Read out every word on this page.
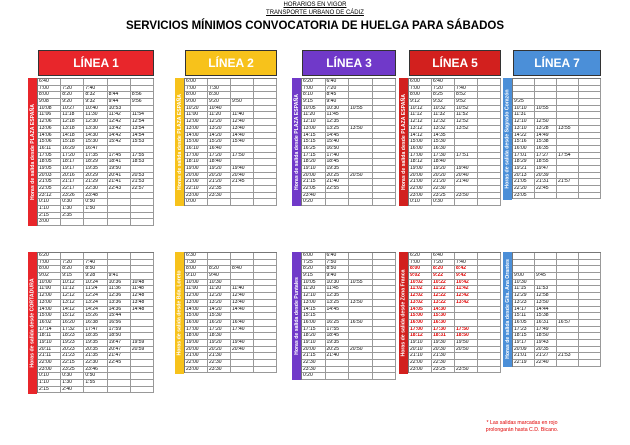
HORARIOS EN VIGOR
TRANSPORTE URBANO DE CÁDIZ
SERVICIOS MÍNIMOS CONVOCATORIA DE HUELGA PARA SÁBADOS
LÍNEA 1
Horas de salida desde PLAZA ESPAÑA
6:40
7:00	7:20	7:40
8:00	8:20	8:32	8:44	8:56
9:08	9:20	9:32	9:44	9:56
10:08	10:27	10:40	10:53
11:06	11:18	11:30	11:42	11:54
12:06	12:18	12:30	12:42	12:54
13:06	13:18	13:30	13:42	13:54
14:06	14:18	14:30	14:42	14:54
15:06	15:18	15:30	15:42	15:53
16:11	16:29	16:47
17:05	17:20	17:35	17:45	17:55
18:05	18:17	18:29	18:41	18:53
19:05	19:17	19:35	19:50
20:03	20:16	20:29	20:41	20:53
21:05	21:17	21:29	21:41	21:53
22:05	22:17	22:30	22:43	22:57
23:12	23:26	23:48
0:10	0:30	0:50
1:10	1:30	1:50
2:15	2:35
3:00
Horas de salida desde CORTADURA
6:20
7:00	7:20	7:40
8:00	8:20	8:50
9:02	9:15	9:28	9:41
10:00	10:12	10:24	10:36	10:48
11:00	11:12	11:24	11:36	11:48
12:00	12:12	12:24	12:36	12:48
13:00	13:12	13:24	13:36	13:48
14:00	14:12	14:24	14:36	14:48
15:00	15:12	15:26	15:44
16:02	16:20	16:38	16:56
17:14	17:32	17:47	17:59
18:11	18:23	18:35	18:50
19:10	19:23	19:35	19:47	19:59
20:11	20:23	20:35	20:47	20:59
21:11	21:23	21:35	21:47
22:00	22:15	22:30	22:45
23:00	23:25	23:46
0:10	0:30	0:50
1:10	1:30	1:55
2:15	2:40
LÍNEA 2
Horas de salida desde PLAZA ESPAÑA
6:00
7:00	7:30
8:00	8:30
9:00	9:20	9:50
10:20	10:40
11:00	11:20	11:40
12:00	12:20	12:40
13:00	13:20	13:40
14:00	14:20	14:40
15:00	15:20	15:40
16:10	16:40
17:00	17:20	17:50
18:10	18:40
19:00	19:20	19:40
20:00	20:20	20:40
21:00	21:20	21:45
22:10	22:35
23:00	23:30
0:00
Horas de salida desde Bda. Loreto
6:30
7:30
8:00	8:20	8:40
9:10	9:40
10:00	10:30
11:00	11:20	11:40
12:00	12:20	12:40
13:00	13:20	13:40
14:00	14:20	14:40
15:00	15:30
16:00	16:20	16:40
17:00	17:20	17:40
18:00	18:30
19:00	19:20	19:40
20:00	20:20	20:40
21:00	21:30
22:00	22:30
23:00	23:30
LÍNEA 3
Horas de salida desde PLAZA ESPAÑA
6:20	6:40
7:00	7:20
8:10	8:45
9:15	9:40
10:05	10:30	10:55
11:20	11:45
12:10	12:35
13:00	13:25	13:50
14:15	14:45
15:15	15:40
16:25	16:50
17:15	17:40
18:20	18:45
19:10	19:35
20:00	20:25	20:50
21:15	21:40
22:05	22:55
23:40
0:20
Horas de salida desde Puntales
6:00	6:40
7:25	7:50
8:20	8:50
9:15	9:40
10:05	10:30	10:55
11:20	11:45
12:10	12:35
13:00	13:25	13:50
14:15	14:45
15:15
16:00	16:25	16:50
17:15	17:55
18:20	18:45
19:10	19:35
20:00	20:25	20:50
21:15	21:40
22:30
23:30
0:20
LÍNEA 5
Horas de salida desde PLAZA ESPAÑA
6:00	6:40
7:00	7:20	7:40
8:00	8:25	8:52
9:12	9:32	9:52
10:12	10:32	10:52
11:12	11:32	11:52
12:12	12:32	12:52
13:12	13:32	13:52
14:12	14:35
15:00	15:30
16:00	16:30
17:00	17:30	17:51
18:12	18:40
19:00	19:20	19:40
20:00	20:20	20:40
21:00	21:20	21:40
22:00	22:30
23:00	23:25	23:50
0:10	0:30
Horas de salida desde Zona Franca
6:20	6:40
7:00	7:20	7:40
8:00	8:20	8:42
9:02	9:22	9:42
10:02	10:22	10:42
11:02	11:22	11:42
12:02	12:22	12:42
13:02	13:22	13:42
14:05	14:30
15:00	15:30
16:00	16:30
17:00	17:30	17:50
18:12	18:31	18:50
19:10	19:30	19:50
20:10	20:30	20:50
21:10	21:30
22:00	22:30
23:00	23:25	23:50
LÍNEA 7
Horas de salida desde Sagrado Corazón 9:25
10:10	10:55
11:31
12:10	12:50
13:10	13:28	13:55
14:22	14:49
15:16	15:38
16:00	16:35
17:01	17:27	17:54
18:29	18:55
19:21	19:47
20:13	20:39
21:05	21:31	21:57
22:20	22:45
23:05
Horas de salida desde Glta. Ana Orantes 9:00	9:45
10:30
11:15	11:53
12:29	12:58
13:23	13:50
14:17	14:44
15:11	15:38
16:05	16:31	16:57
17:23	17:49
18:15	18:50
19:17	19:43
20:09	20:35
21:01	21:27	21:53
22:19	22:40
* Las salidas marcadas en rojo prolongarán hasta C.D. Bicano.
